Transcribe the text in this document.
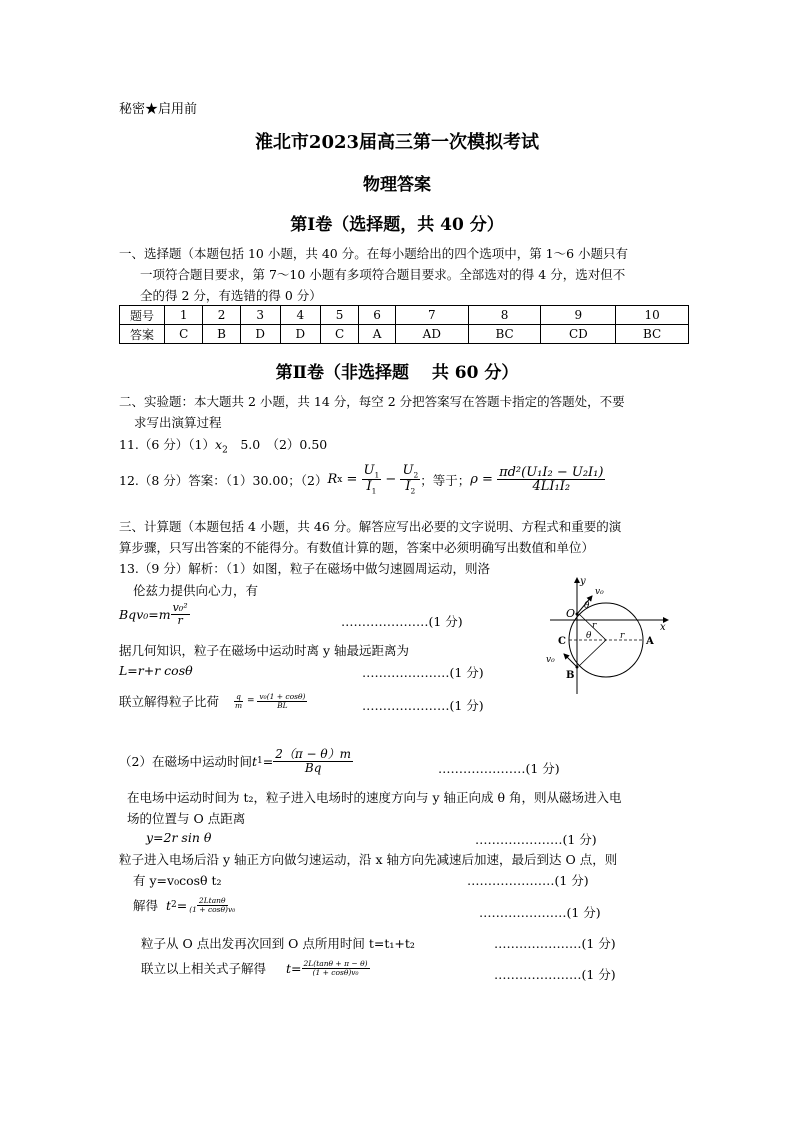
秘密★启用前
淮北市2023届高三第一次模拟考试
物理答案
第Ⅰ卷（选择题，共 40 分）
一、选择题（本题包括 10 小题，共 40 分。在每小题给出的四个选项中，第 1～6 小题只有
一项符合题目要求，第 7～10 小题有多项符合题目要求。全部选对的得 4 分，选对但不
全的得 2 分，有选错的得 0 分）
题号	1	2	3	4	5	6	7	8	9	10
答案	C	B	D	D	C	A	AD	BC	CD	BC
第Ⅱ卷（非选择题　 共 60 分）
二、实验题：本大题共 2 小题，共 14 分，每空 2 分把答案写在答题卡指定的答题处，不要
求写出演算过程
11.（6 分）$(1)x_2$　5.0　（2）0.50
12.（8 分）答案：（1）30.00；（2） R $x = \frac{U_1}{I_1} - \frac{U_2}{I_2}$ ；等于； $\rho = \frac{\text{πd²(U₁I₂ − U₂I₁)}}{\text{4LI₁I₂}}$
三、计算题（本题包括 4 小题，共 46 分。解答应写出必要的文字说明、方程式和重要的演
算步骤，只写出答案的不能得分。有数值计算的题，答案中必须明确写出数值和单位）
13.（9 分）解析：（1）如图，粒子在磁场中做匀速圆周运动，则洛
伦兹力提供向心力，有
$Bqv_0=m \frac{\text{v₀²}}{r}$	…………………(1 分)
据几何知识，粒子在磁场中运动时离 y 轴最远距离为
L=r+r cosθ	…………………(1 分)
联立解得粒子比荷 $\frac{q}{m} = \frac{\text{v₀(1 + cosθ)}}{BL}$	…………………(1 分)
（2）在磁场中运动时间 t $1 = \frac{2(\pi - \theta)m}{Bq}$	…………………(1 分)
在电场中运动时间为 t₂，粒子进入电场时的速度方向与 y 轴正向成 θ 角，则从磁场进入电
场的位置与 O 点距离
y=2r sin θ	…………………(1 分)
粒子进入电场后沿 y 轴正方向做匀速运动，沿 x 轴方向先减速后加速，最后到达 O 点，则
有 y=v₀cosθ t₂	…………………(1 分)
解得
t $2 = \frac{2Ltan\theta}{\text{(1 + cosθ)v₀}}$	…………………(1 分)
粒子从 O 点出发再次回到 O 点所用时间 t=t₁+t₂	…………………(1 分)
联立以上相关式子解得 $t = \frac{2L(\tan\theta + \pi - \theta)}{\text{(1 + cosθ)v₀}}$	…………………(1 分)
y
x
O
C	A
B
r
r
θ
θ
v₀
v₀
